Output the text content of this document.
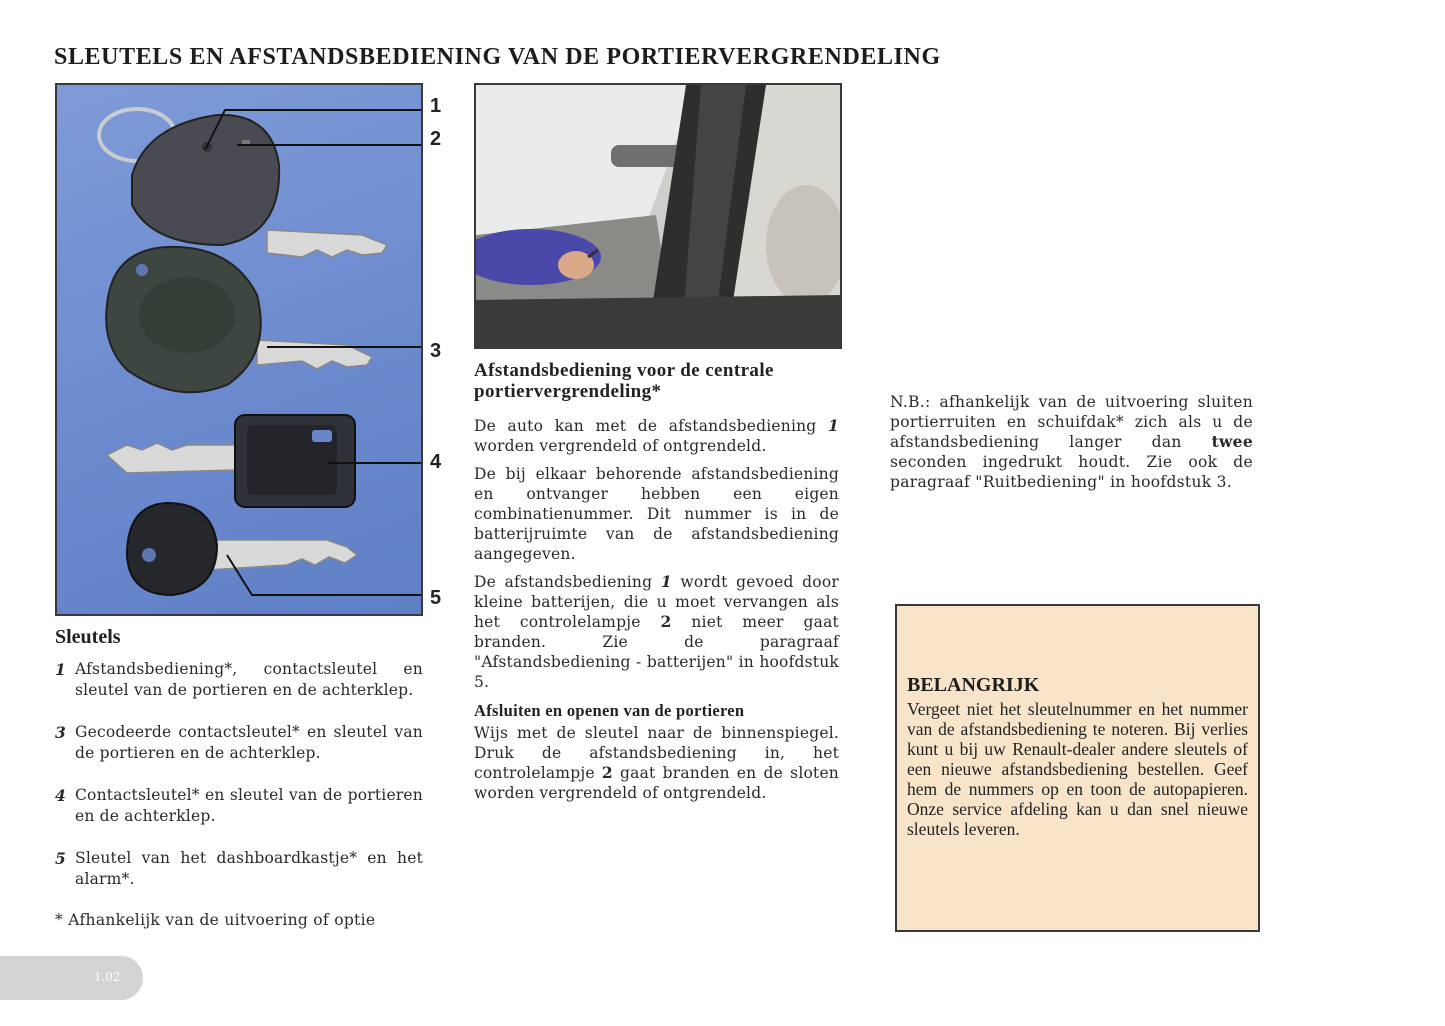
SLEUTELS EN AFSTANDSBEDIENING VAN DE PORTIERVERGRENDELING
1
2
3
4
5
Sleutels
1 Afstandsbediening*, contactsleutel en sleutel van de portieren en de achterklep.
3 Gecodeerde contactsleutel* en sleutel van de portieren en de achterklep.
4 Contactsleutel* en sleutel van de portieren en de achterklep.
5 Sleutel van het dashboardkastje* en het alarm*.
* Afhankelijk van de uitvoering of optie
Afstandsbediening voor de centrale portiervergrendeling*

De auto kan met de afstandsbediening 1 worden vergrendeld of ontgrendeld.

De bij elkaar behorende afstandsbediening en ontvanger hebben een eigen combinatienummer. Dit nummer is in de batterijruimte van de afstandsbediening aangegeven.

De afstandsbediening 1 wordt gevoed door kleine batterijen, die u moet vervangen als het controlelampje 2 niet meer gaat branden. Zie de paragraaf "Afstandsbediening - batterijen" in hoofdstuk 5.

Afsluiten en openen van de portieren

Wijs met de sleutel naar de binnenspiegel. Druk de afstandsbediening in, het controlelampje 2 gaat branden en de sloten worden vergrendeld of ontgrendeld.

N.B.: afhankelijk van de uitvoering sluiten portierruiten en schuifdak* zich als u de afstandsbediening langer dan twee seconden ingedrukt houdt. Zie ook de paragraaf "Ruitbediening" in hoofdstuk 3.

BELANGRIJK

Vergeet niet het sleutelnummer en het nummer van de afstandsbediening te noteren. Bij verlies kunt u bij uw Renault-dealer andere sleutels of een nieuwe afstandsbediening bestellen. Geef hem de nummers op en toon de autopapieren. Onze service afdeling kan u dan snel nieuwe sleutels leveren.

1.02
